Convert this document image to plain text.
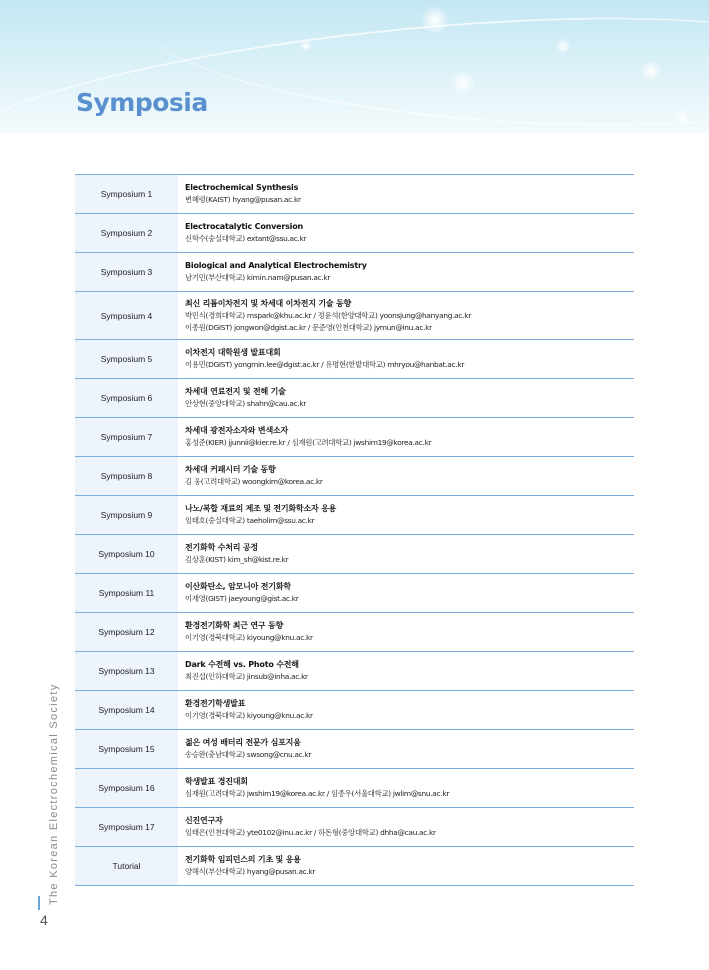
Symposia
Symposium 1	Electrochemical Synthesis
변혜령(KAIST) hyang@pusan.ac.kr

Symposium 2	Electrocatalytic Conversion
신학수(숭실대학교) extant@ssu.ac.kr

Symposium 3	Biological and Analytical Electrochemistry
남기민(부산대학교) kimin.nam@pusan.ac.kr

Symposium 4	최신 리튬이차전지 및 차세대 이차전지 기술 동향
박민식(경희대학교) mspark@khu.ac.kr / 정윤석(한양대학교) yoonsjung@hanyang.ac.kr
이종원(DGIST) jongwon@dgist.ac.kr / 문준영(인천대학교) jymun@inu.ac.kr

Symposium 5	이차전지 대학원생 발표대회
이용민(DGIST) yongmin.lee@dgist.ac.kr / 유명현(한밭대학교) mhryou@hanbat.ac.kr

Symposium 6	차세대 연료전지 및 전해 기술
안상현(중앙대학교) shahn@cau.ac.kr

Symposium 7	차세대 광전자소자와 변색소자
홍성준(KIER) jjunnii@kier.re.kr / 심재원(고려대학교) jwshim19@korea.ac.kr

Symposium 8	차세대 커패시터 기술 동향
김 웅(고려대학교) woongkim@korea.ac.kr

Symposium 9	나노/복합 재료의 제조 및 전기화학소자 응용
임태호(숭실대학교) taeholim@ssu.ac.kr

Symposium 10	전기화학 수처리 공정
김상훈(KIST) kim_sh@kist.re.kr

Symposium 11	이산화탄소, 암모니아 전기화학
이재영(GIST) jaeyoung@gist.ac.kr

Symposium 12	환경전기화학 최근 연구 동향
이기영(경북대학교) kiyoung@knu.ac.kr

Symposium 13	Dark 수전해 vs. Photo 수전해
최진섭(인하대학교) jinsub@inha.ac.kr

Symposium 14	환경전기학생발표
이기영(경북대학교) kiyoung@knu.ac.kr

Symposium 15	젊은 여성 배터리 전문가 심포지움
송승완(충남대학교) swsong@cnu.ac.kr

Symposium 16	학생발표 경진대회
심재원(고려대학교) jwshim19@korea.ac.kr / 임종우(서울대학교) jwlim@snu.ac.kr

Symposium 17	신진연구자
임태은(인천대학교) yte0102@inu.ac.kr / 하돈형(중앙대학교) dhha@cau.ac.kr

Tutorial	전기화학 임피던스의 기초 및 응용
양해식(부산대학교) hyang@pusan.ac.kr
The Korean Electrochemical Society
4
